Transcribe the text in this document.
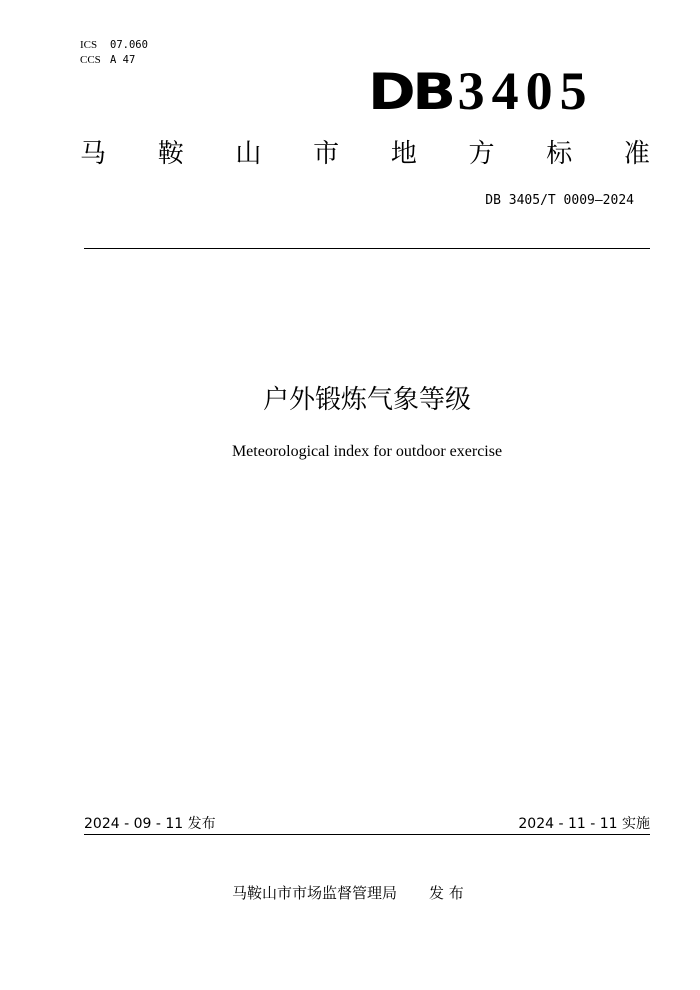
ICS	07.060
CCS A 47
DB 3405
马 鞍 山 市 地 方 标 准
DB 3405/T 0009—2024
户外锻炼气象等级
Meteorological index for outdoor exercise
2024 - 09 - 11 发布	2024 - 11 - 11 实施
马鞍山市市场监督管理局 发 布
